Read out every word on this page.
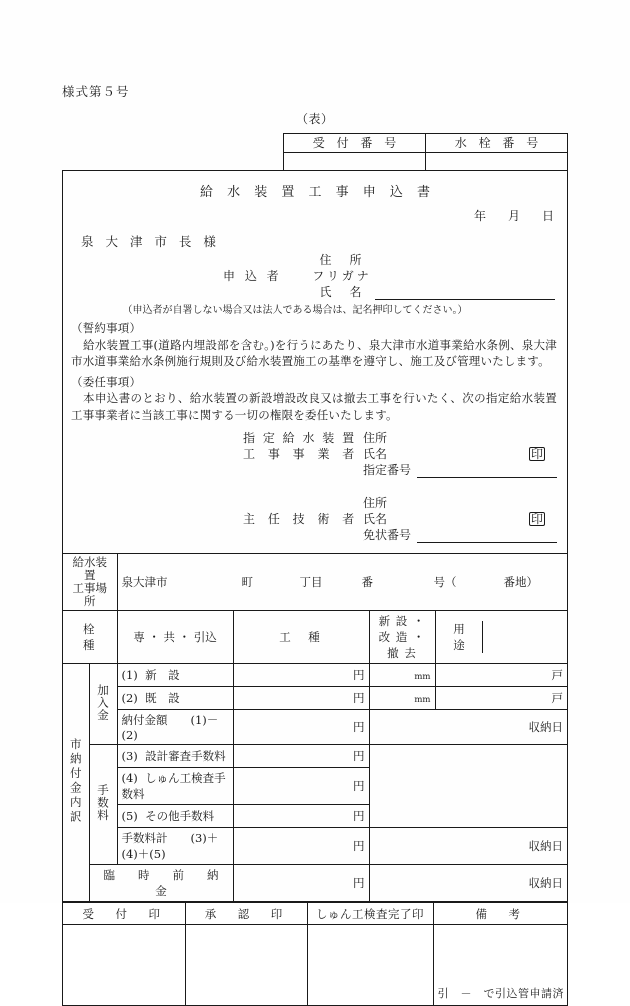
様式第５号
（表）
受 付 番 号	水 栓 番 号

給 水 装 置 工 事 申 込 書
年 月 日
泉 大 津 市 長 様

住　所
申 込 者	フリガナ

氏　名
（申込者が自署しない場合又は法人である場合は、記名押印してください。）
（誓約事項）
給水装置工事(道路内埋設部を含む。)を行うにあたり、泉大津市水道事業給水条例、泉大津市水道事業給水条例施行規則及び給水装置施工の基準を遵守し、施工及び管理いたします。
（委任事項）
本申込書のとおり、給水装置の新設増設改良又は撤去工事を行いたく、次の指定給水装置工事事業者に当該工事に関する一切の権限を委任いたします。
指 定 給 水 装 置 住所
工 事 事 業 者 氏名	印

指定番号

住所
主 任 技 術 者 氏名	印

免状番号
給水装置
工事場所	
泉大津市	町	丁目	番	号（	番地）

栓　　　種	専 ・ 共 ・ 引込	工　種	新 設 ・ 改 造 ・ 撤 去	
用　途	

市納付金内訳	加入金	(1) 新　設	円	mm	戸
(2) 既　設	円	mm	戸
納付金額　　(1)－(2)	円	収納日
手数料	(3) 設計審査手数料	円	
(4) しゅん工検査手数料	円
(5) その他手数料	円
手数料計　　(3)＋(4)＋(5)	円	収納日
臨　　時　　前　　納　　金	円	収納日
受　付　印	承　認　印	しゅん工検査完了印	備　考

			引　－　で引込管申請済
